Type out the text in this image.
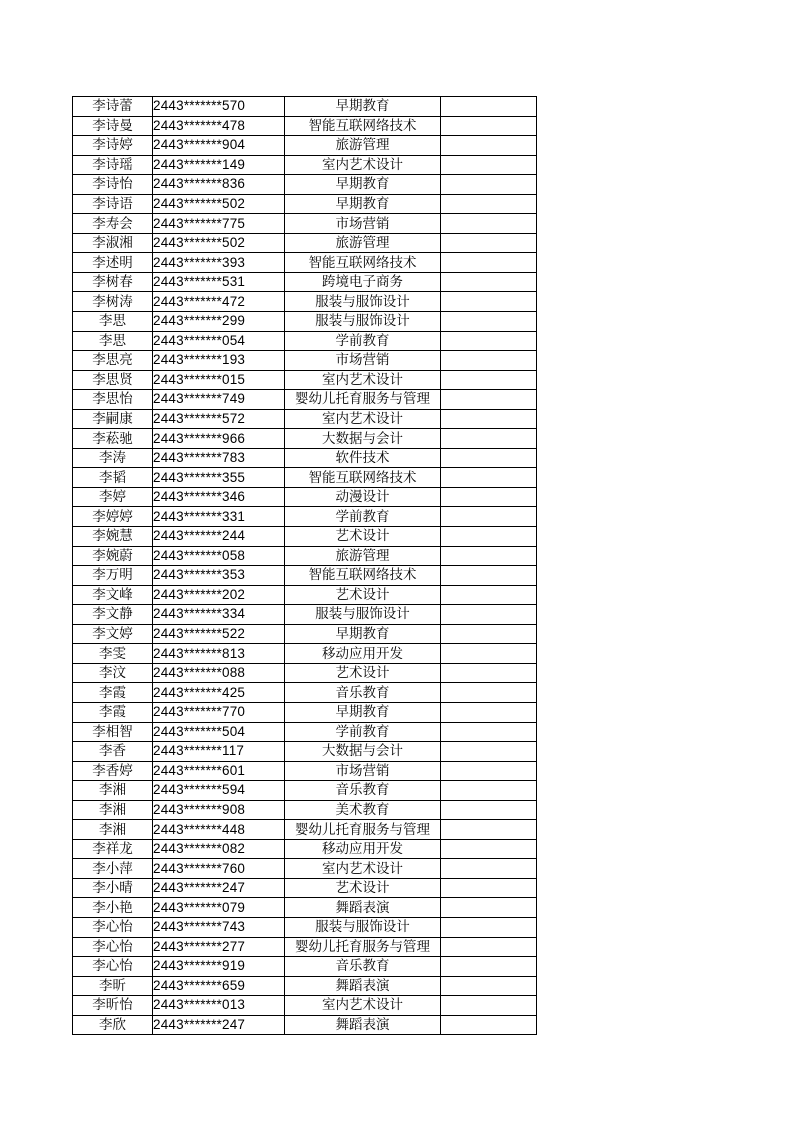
李诗蕾	2443*******570	早期教育	
李诗曼	2443*******478	智能互联网络技术	
李诗婷	2443*******904	旅游管理	
李诗瑶	2443*******149	室内艺术设计	
李诗怡	2443*******836	早期教育	
李诗语	2443*******502	早期教育	
李寿会	2443*******775	市场营销	
李淑湘	2443*******502	旅游管理	
李述明	2443*******393	智能互联网络技术	
李树春	2443*******531	跨境电子商务	
李树涛	2443*******472	服装与服饰设计	
李思	2443*******299	服装与服饰设计	
李思	2443*******054	学前教育	
李思亮	2443*******193	市场营销	
李思贤	2443*******015	室内艺术设计	
李思怡	2443*******749	婴幼儿托育服务与管理	
李嗣康	2443*******572	室内艺术设计	
李菘驰	2443*******966	大数据与会计	
李涛	2443*******783	软件技术	
李韬	2443*******355	智能互联网络技术	
李婷	2443*******346	动漫设计	
李婷婷	2443*******331	学前教育	
李婉慧	2443*******244	艺术设计	
李婉蔚	2443*******058	旅游管理	
李万明	2443*******353	智能互联网络技术	
李文峰	2443*******202	艺术设计	
李文静	2443*******334	服装与服饰设计	
李文婷	2443*******522	早期教育	
李雯	2443*******813	移动应用开发	
李汶	2443*******088	艺术设计	
李霞	2443*******425	音乐教育	
李霞	2443*******770	早期教育	
李相智	2443*******504	学前教育	
李香	2443*******117	大数据与会计	
李香婷	2443*******601	市场营销	
李湘	2443*******594	音乐教育	
李湘	2443*******908	美术教育	
李湘	2443*******448	婴幼儿托育服务与管理	
李祥龙	2443*******082	移动应用开发	
李小萍	2443*******760	室内艺术设计	
李小晴	2443*******247	艺术设计	
李小艳	2443*******079	舞蹈表演	
李心怡	2443*******743	服装与服饰设计	
李心怡	2443*******277	婴幼儿托育服务与管理	
李心怡	2443*******919	音乐教育	
李昕	2443*******659	舞蹈表演	
李昕怡	2443*******013	室内艺术设计	
李欣	2443*******247	舞蹈表演	
